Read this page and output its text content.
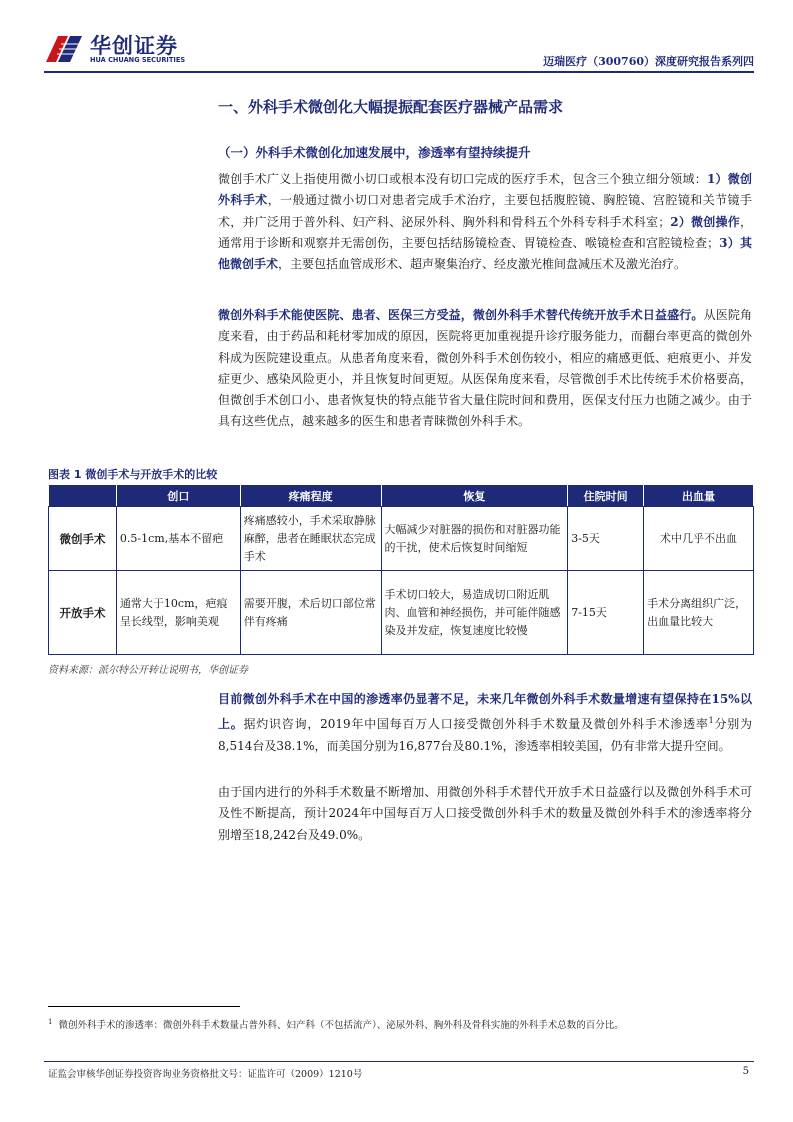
华创证券
HUA CHUANG SECURITIES	迈瑞医疗（300760）深度研究报告系列四
一、外科手术微创化大幅提振配套医疗器械产品需求
（一）外科手术微创化加速发展中，渗透率有望持续提升
微创手术广义上指使用微小切口或根本没有切口完成的医疗手术，包含三个独立细分领域：1）微创外科手术，一般通过微小切口对患者完成手术治疗，主要包括腹腔镜、胸腔镜、宫腔镜和关节镜手术，并广泛用于普外科、妇产科、泌尿外科、胸外科和骨科五个外科专科手术科室；2）微创操作，通常用于诊断和观察并无需创伤，主要包括结肠镜检查、胃镜检查、喉镜检查和宫腔镜检查；3）其他微创手术，主要包括血管成形术、超声聚集治疗、经皮激光椎间盘减压术及激光治疗。
微创外科手术能使医院、患者、医保三方受益，微创外科手术替代传统开放手术日益盛行。从医院角度来看，由于药品和耗材零加成的原因，医院将更加重视提升诊疗服务能力，而翻台率更高的微创外科成为医院建设重点。从患者角度来看，微创外科手术创伤较小，相应的痛感更低、疤痕更小、并发症更少、感染风险更小，并且恢复时间更短。从医保角度来看，尽管微创手术比传统手术价格要高，但微创手术创口小、患者恢复快的特点能节省大量住院时间和费用，医保支付压力也随之减少。由于具有这些优点，越来越多的医生和患者青睐微创外科手术。
图表 1 微创手术与开放手术的比较
	创口	疼痛程度	恢复	住院时间	出血量
微创手术	0.5-1cm,基本不留疤	疼痛感较小，手术采取静脉麻醉，患者在睡眠状态完成手术	大幅减少对脏器的损伤和对脏器功能的干扰，使术后恢复时间缩短	3-5天	术中几乎不出血
开放手术	通常大于10cm，疤痕呈长线型，影响美观	需要开腹，术后切口部位常伴有疼痛	手术切口较大，易造成切口附近肌肉、血管和神经损伤，并可能伴随感染及并发症，恢复速度比较慢	7-15天	手术分离组织广泛，出血量比较大
资料来源：派尔特公开转让说明书，华创证券
目前微创外科手术在中国的渗透率仍显著不足，未来几年微创外科手术数量增速有望保持在15%以上。据灼识咨询，2019年中国每百万人口接受微创外科手术数量及微创外科手术渗透率$^1$分别为8,514台及38.1%，而美国分别为16,877台及80.1%，渗透率相较美国，仍有非常大提升空间。
由于国内进行的外科手术数量不断增加、用微创外科手术替代开放手术日益盛行以及微创外科手术可及性不断提高，预计2024年中国每百万人口接受微创外科手术的数量及微创外科手术的渗透率将分别增至18,242台及49.0%。
$^1$ 微创外科手术的渗透率：微创外科手术数量占普外科、妇产科（不包括流产）、泌尿外科、胸外科及骨科实施的外科手术总数的百分比。
证监会审核华创证券投资咨询业务资格批文号：证监许可（2009）1210号	5
